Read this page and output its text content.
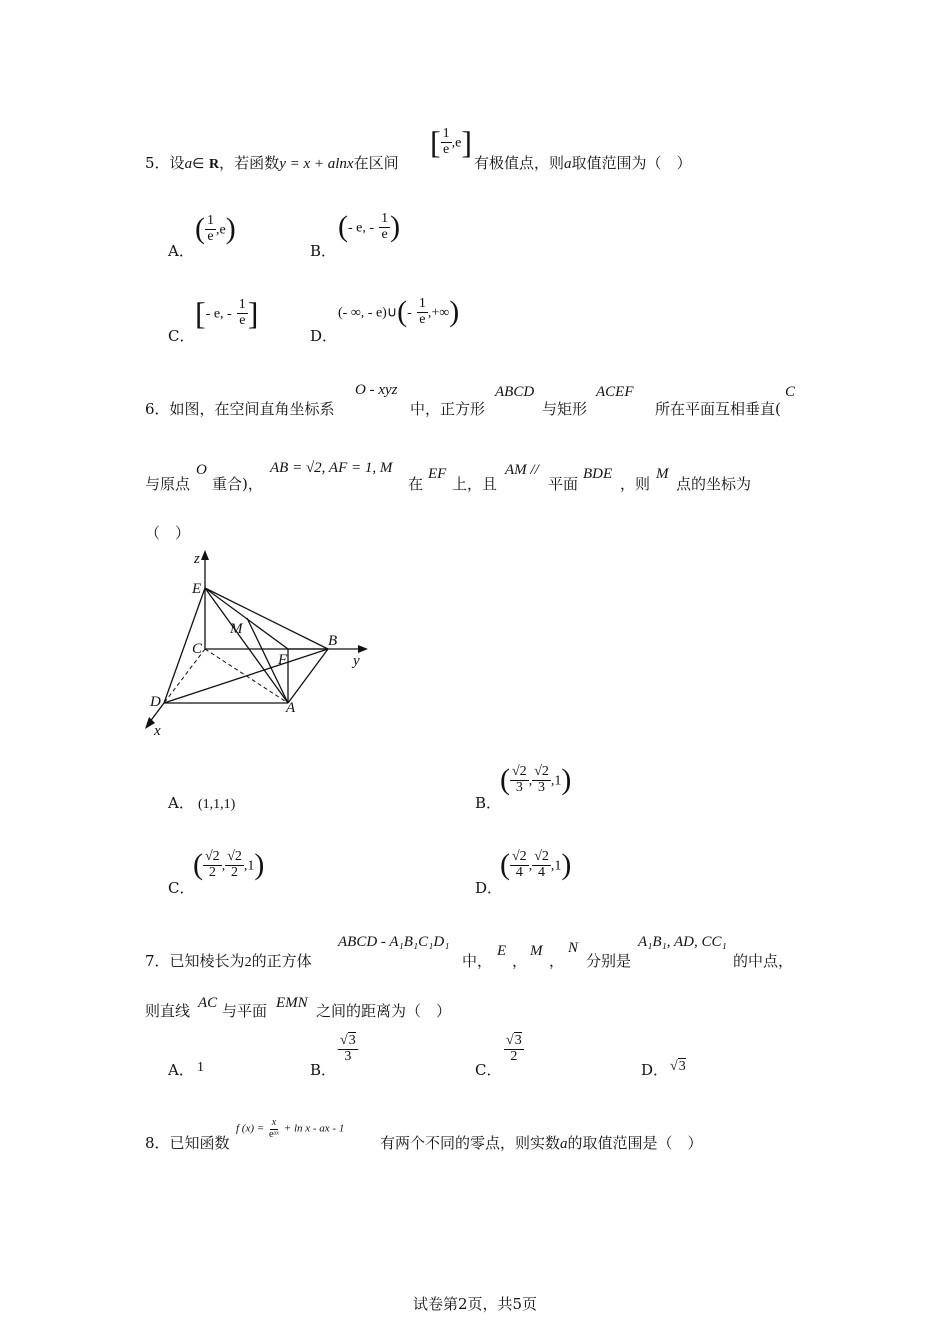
5．设a∈ R，若函数y = x + alnx在区间
[ $\frac{1}{e} ,e$]
有极值点，则a取值范围为（　）
A．
( $\frac{1}{e} ,e$)
B．
(- e, - $\frac{1}{e}$ )
C．
[- e, - $\frac{1}{e}$ ]
D．
(- ∞, - e)∪(- $\frac{1}{e}$ ,+∞)
6．如图，在空间直角坐标系
O - xyz
中，正方形
ABCD
与矩形
ACEF
所在平面互相垂直(
C
与原点
O
重合)，
AB = √2, AF = 1, M
在
EF
上，且
AM //
平面
BDE
，则
M
点的坐标为
（　）
z
y
x
E
M
B
C
F
D	A
A． (1,1,1)	B．
( $\frac{√2}{3}$ , $\frac{√2}{3} ,1$)
C．
( $\frac{√2}{2}$ , $\frac{√2}{2} ,1$)
D．
( $\frac{√2}{4}$ , $\frac{√2}{4} ,1$)
7．已知棱长为2的正方体
ABCD - A₁B₁C₁D₁
中，
E
，
M
，
N
分别是
A₁B₁, AD, CC₁
的中点，
则直线 AC 与平面 EMN 之间的距离为（　）
A． 1	B．
$\frac{√3}{3}$
C．
$\frac{√3}{2}$
D． √3
8．已知函数
f $(x) = \frac{x}{\text{eᵃˣ}} + \ln x$ - ax - 1
有两个不同的零点，则实数a的取值范围是（　）
试卷第2页，共5页
